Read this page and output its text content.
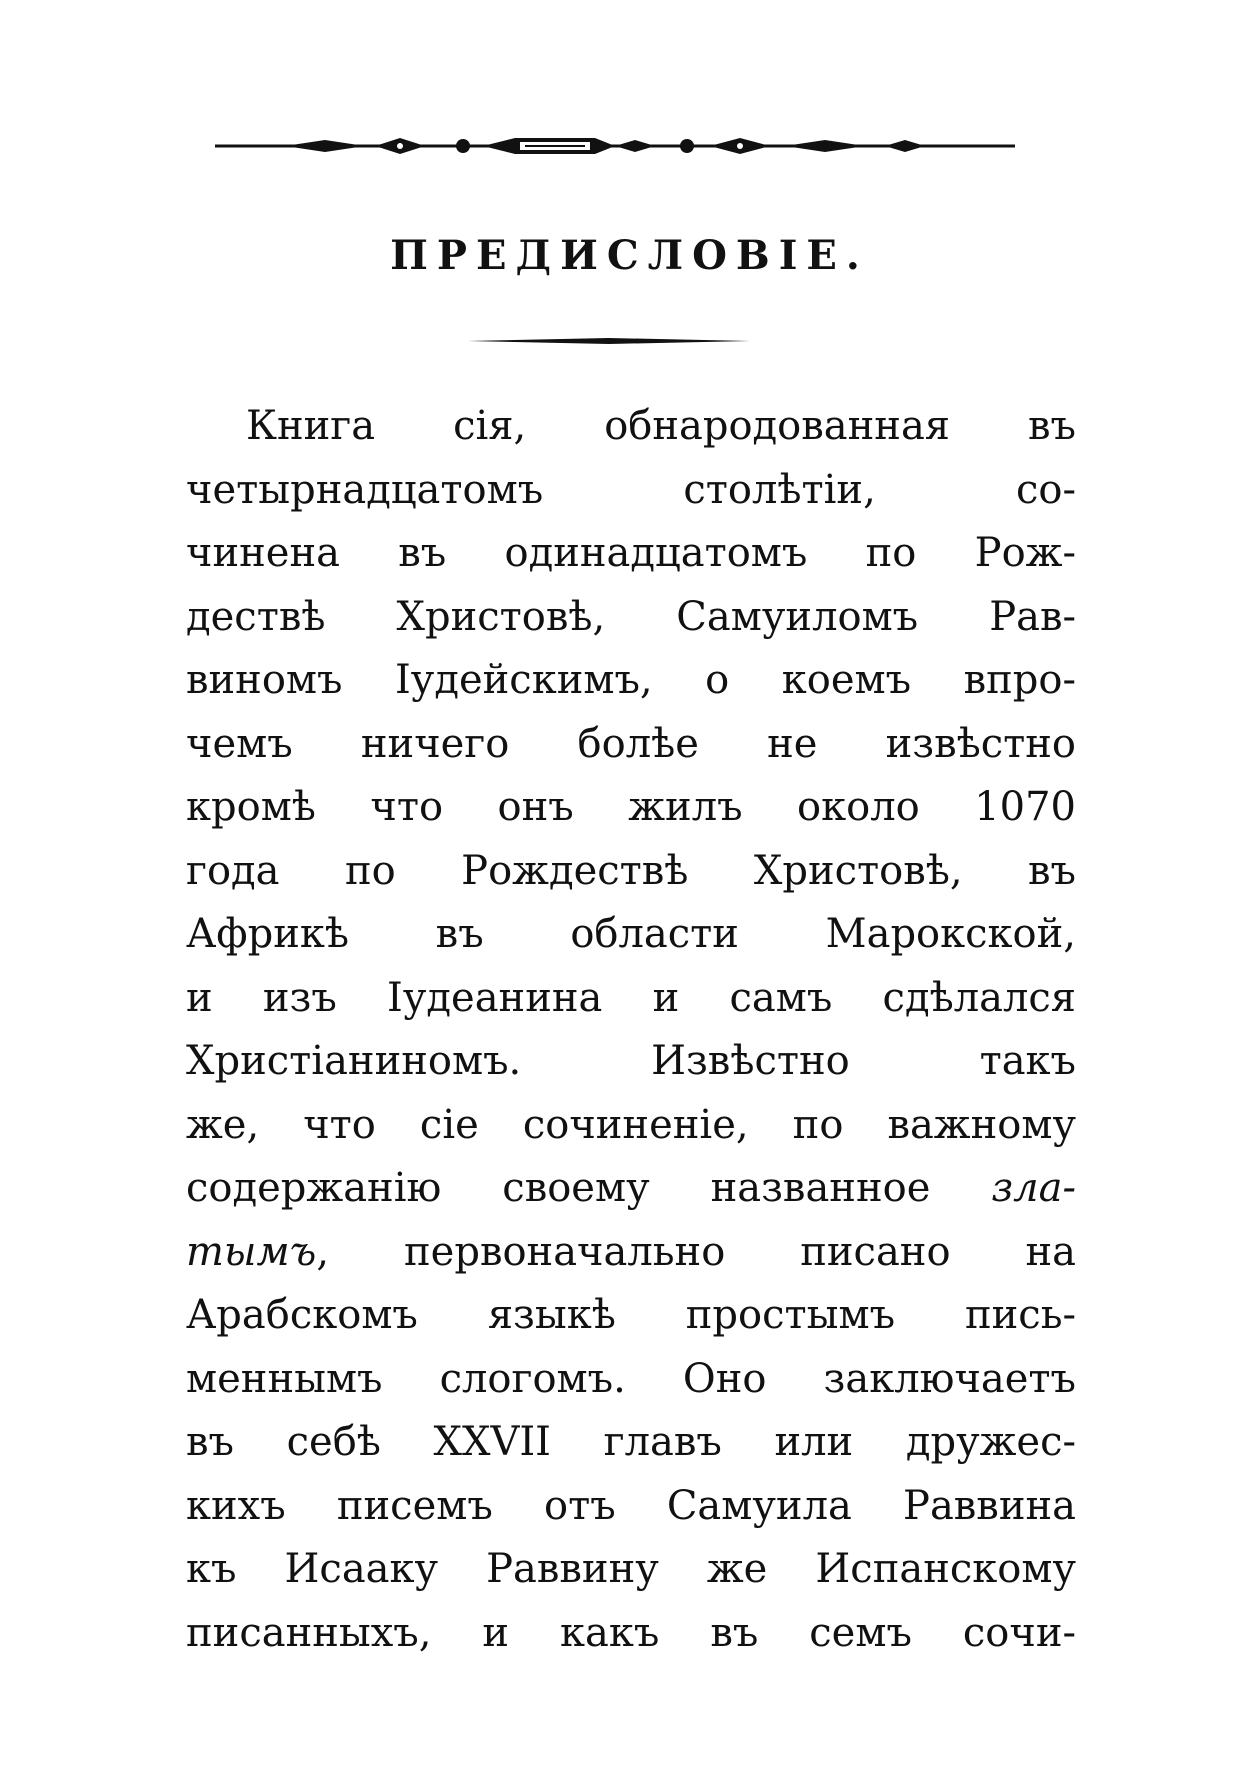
ПРЕДИСЛОВІЕ.
Книга сія, обнародованная въ
четырнадцатомъ столѣтіи, со-
чинена въ одинадцатомъ по Рож-
дествѣ Христовѣ, Самуиломъ Рав-
виномъ Іудейскимъ, о коемъ впро-
чемъ ничего болѣе не извѣстно
кромѣ что онъ жилъ около 1070
года по Рождествѣ Христовѣ, въ
Африкѣ въ области Марокской,
и изъ Іудеанина и самъ сдѣлался
Христіаниномъ. Извѣстно такъ
же, что сіе сочиненіе, по важному
содержанію своему названное зла-
тымъ, первоначально писано на
Арабскомъ языкѣ простымъ пись-
меннымъ слогомъ. Оно заключаетъ
въ себѣ XXVII главъ или дружес-
кихъ писемъ отъ Самуила Раввина
къ Исааку Раввину же Испанскому
писанныхъ, и какъ въ семъ сочи-
